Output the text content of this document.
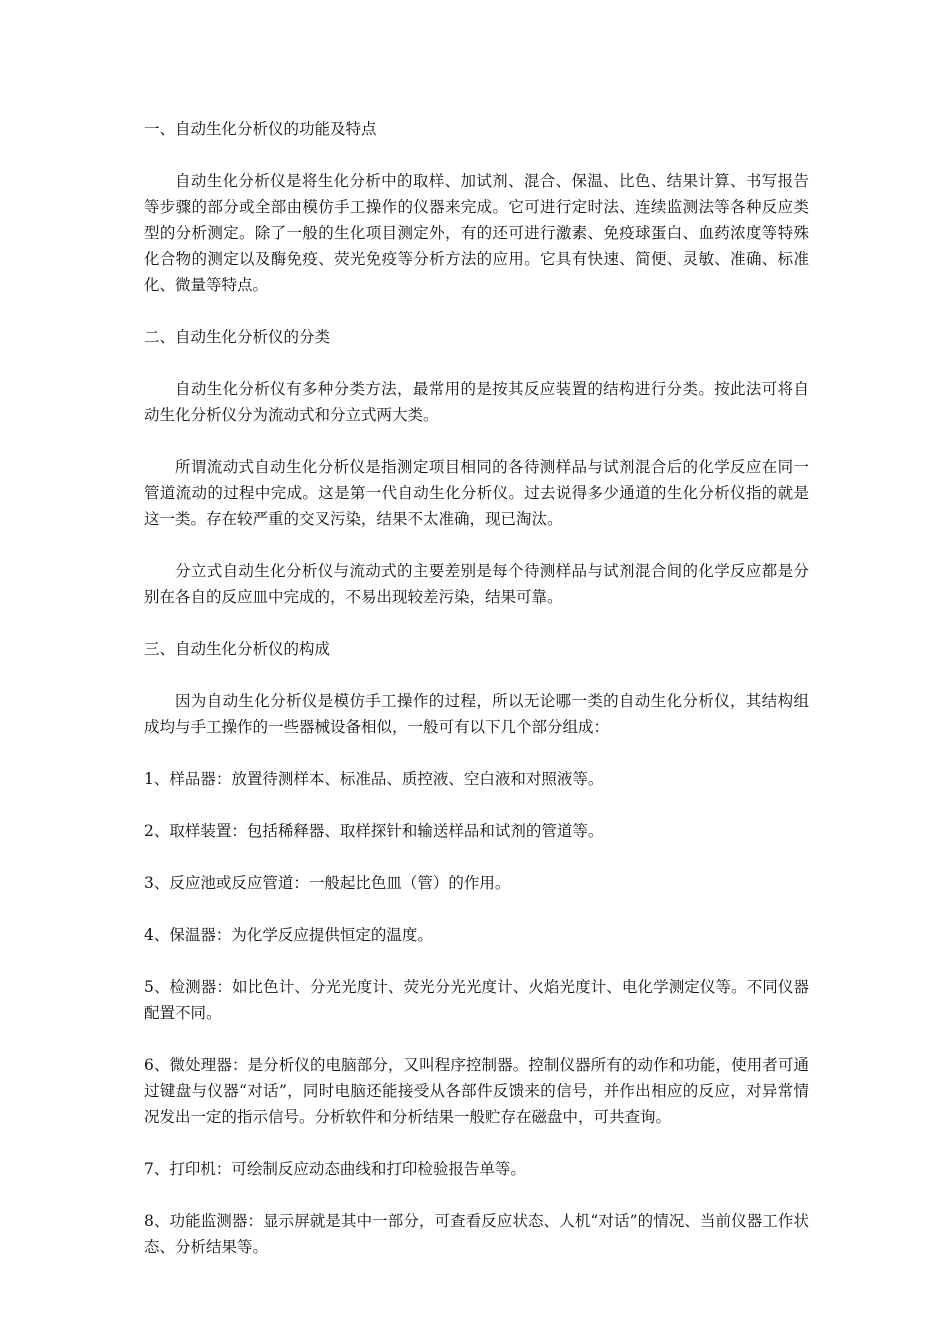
一、自动生化分析仪的功能及特点

自动生化分析仪是将生化分析中的取样、加试剂、混合、保温、比色、结果计算、书写报告等步骤的部分或全部由模仿手工操作的仪器来完成。它可进行定时法、连续监测法等各种反应类型的分析测定。除了一般的生化项目测定外，有的还可进行激素、免疫球蛋白、血药浓度等特殊化合物的测定以及酶免疫、荧光免疫等分析方法的应用。它具有快速、简便、灵敏、准确、标准化、微量等特点。

二、自动生化分析仪的分类

自动生化分析仪有多种分类方法，最常用的是按其反应装置的结构进行分类。按此法可将自动生化分析仪分为流动式和分立式两大类。

所谓流动式自动生化分析仪是指测定项目相同的各待测样品与试剂混合后的化学反应在同一管道流动的过程中完成。这是第一代自动生化分析仪。过去说得多少通道的生化分析仪指的就是这一类。存在较严重的交叉污染，结果不太准确，现已淘汰。

分立式自动生化分析仪与流动式的主要差别是每个待测样品与试剂混合间的化学反应都是分别在各自的反应皿中完成的，不易出现较差污染，结果可靠。

三、自动生化分析仪的构成

因为自动生化分析仪是模仿手工操作的过程，所以无论哪一类的自动生化分析仪，其结构组成均与手工操作的一些器械设备相似，一般可有以下几个部分组成：

1、样品器：放置待测样本、标准品、质控液、空白液和对照液等。

2、取样装置：包括稀释器、取样探针和输送样品和试剂的管道等。

3、反应池或反应管道：一般起比色皿（管）的作用。

4、保温器：为化学反应提供恒定的温度。

5、检测器：如比色计、分光光度计、荧光分光光度计、火焰光度计、电化学测定仪等。不同仪器配置不同。

6、微处理器：是分析仪的电脑部分，又叫程序控制器。控制仪器所有的动作和功能，使用者可通过键盘与仪器“对话”，同时电脑还能接受从各部件反馈来的信号，并作出相应的反应，对异常情况发出一定的指示信号。分析软件和分析结果一般贮存在磁盘中，可共查询。

7、打印机：可绘制反应动态曲线和打印检验报告单等。

8、功能监测器：显示屏就是其中一部分，可查看反应状态、人机“对话”的情况、当前仪器工作状态、分析结果等。
